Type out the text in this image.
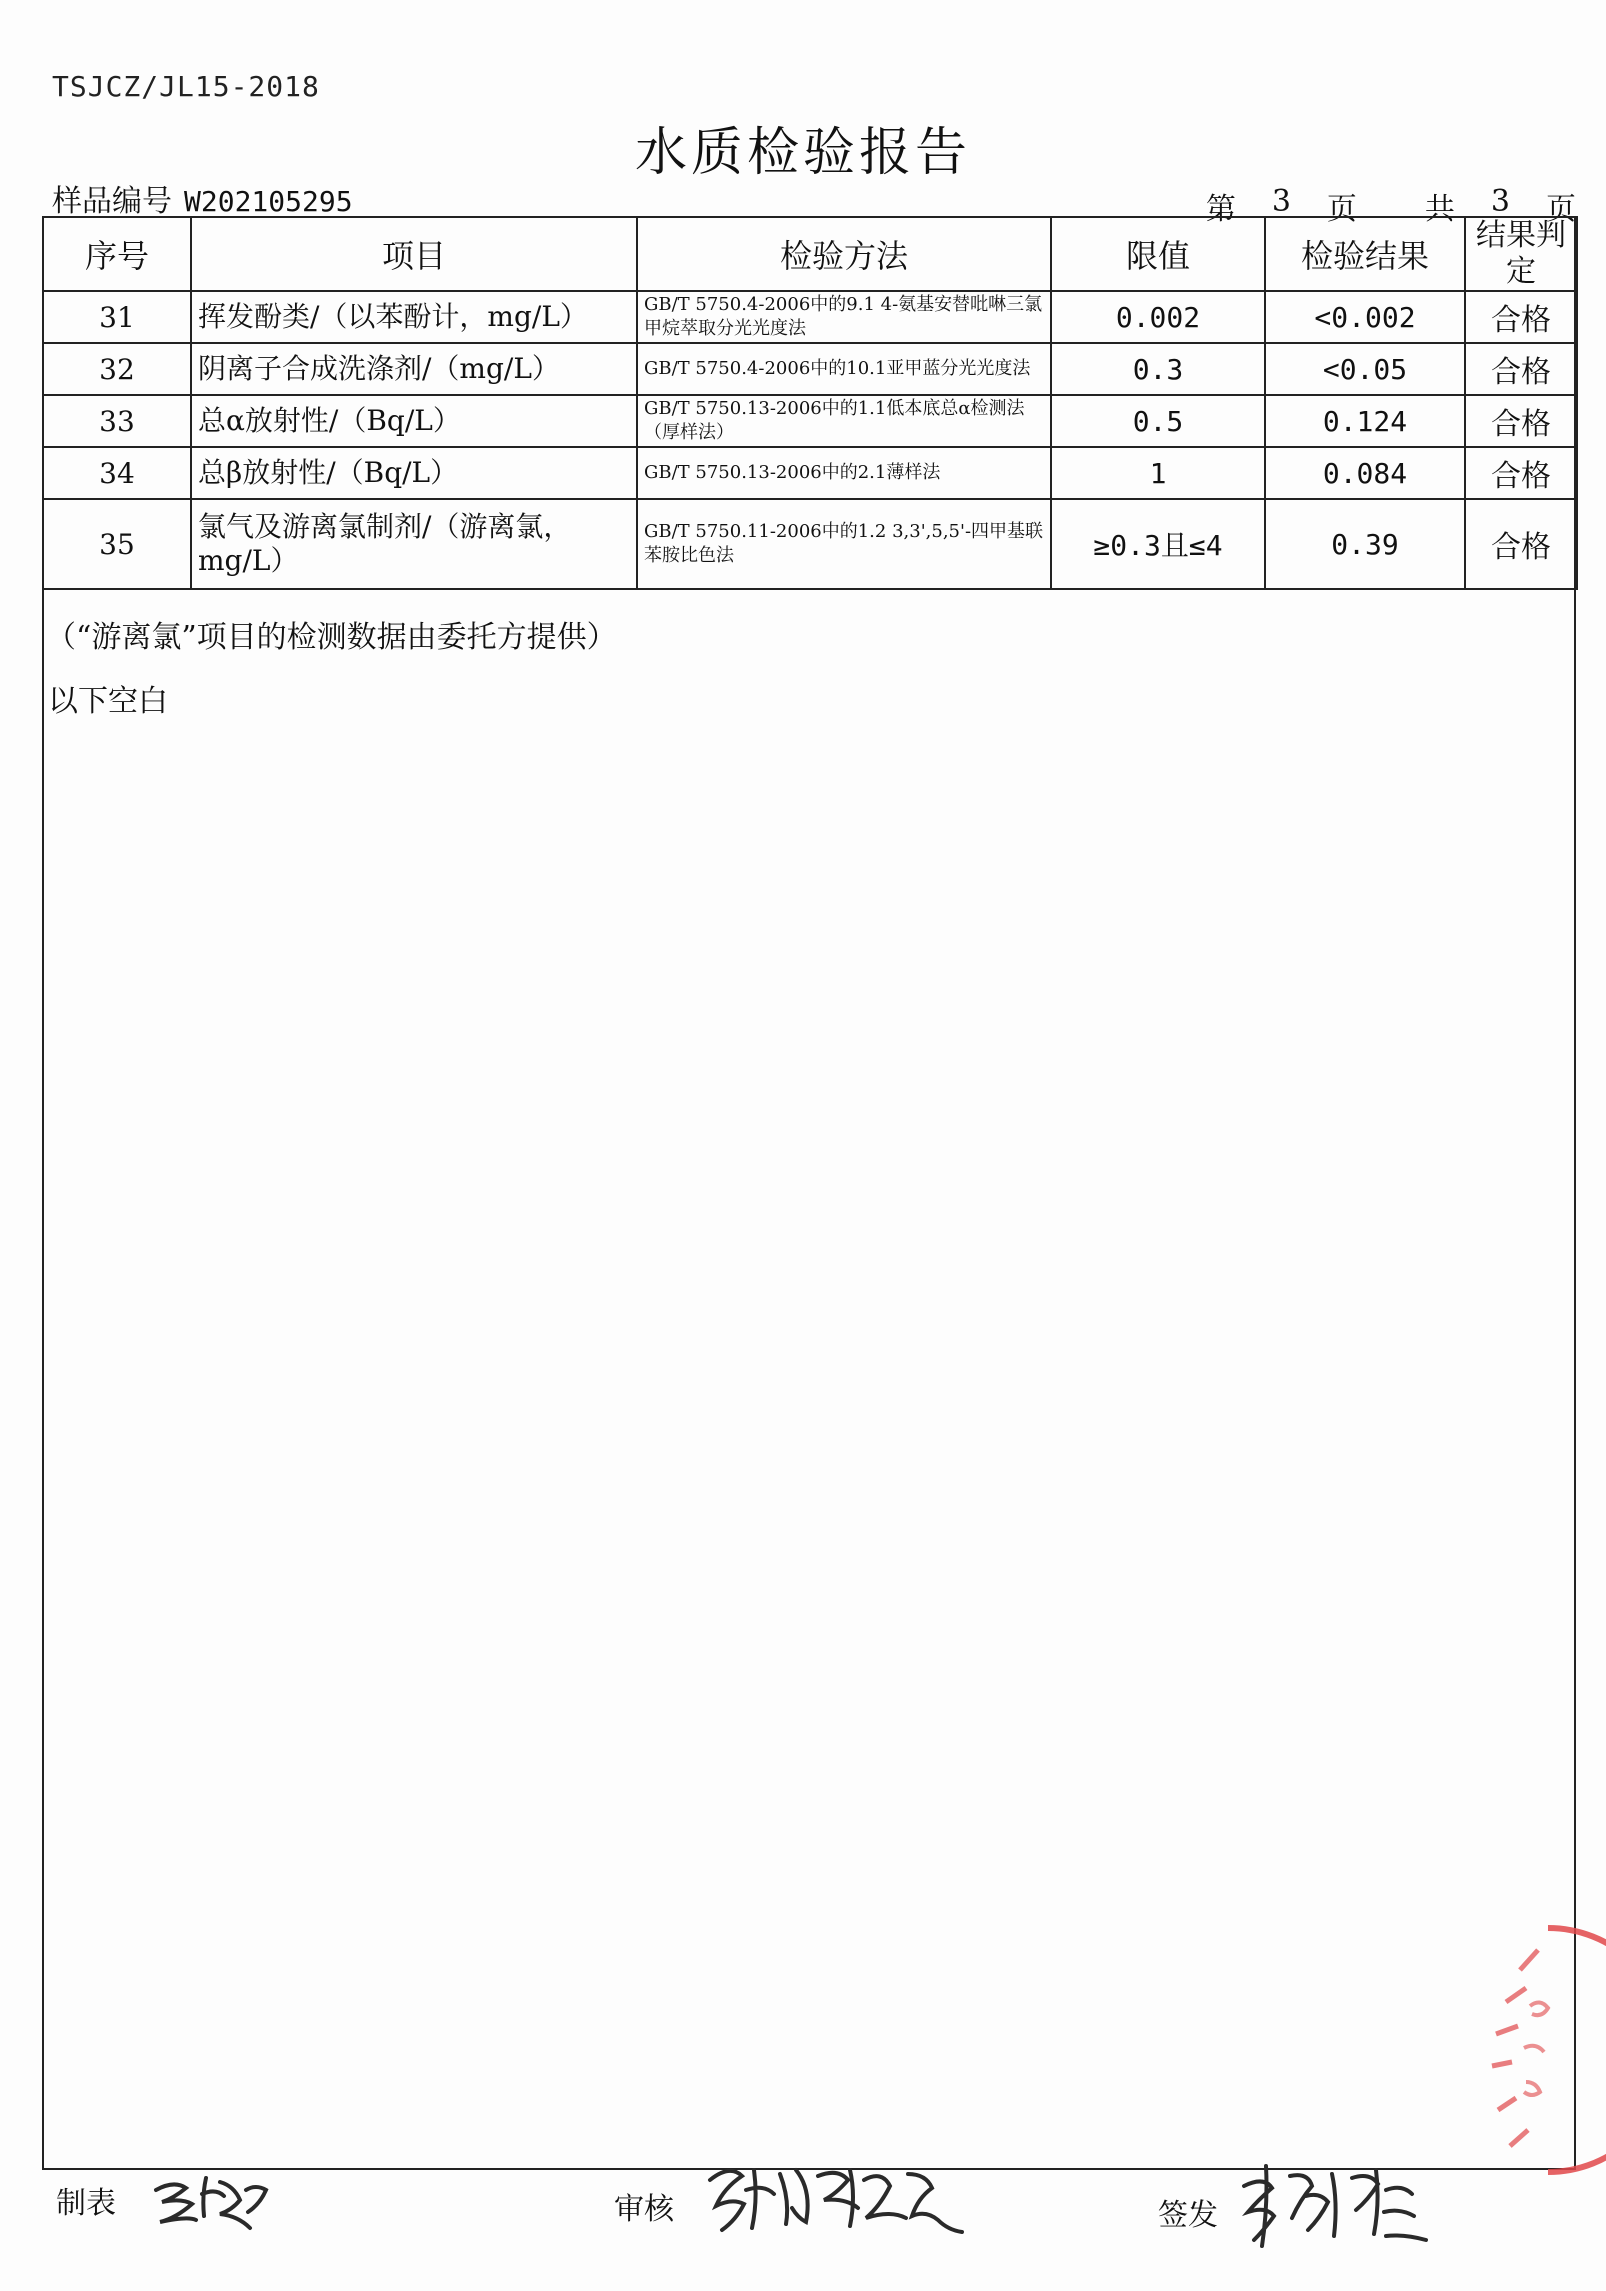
TSJCZ/JL15-2018
水质检验报告
样品编号 W202105295	第 3 页 共 3 页
序号	项目	检验方法	限值	检验结果	结果判定
31	挥发酚类/（以苯酚计，mg/L）	GB/T 5750.4-2006中的9.1 4-氨基安替吡啉三氯甲烷萃取分光光度法	0.002	<0.002	合格
32	阴离子合成洗涤剂/（mg/L）	GB/T 5750.4-2006中的10.1亚甲蓝分光光度法	0.3	<0.05	合格
33	总α放射性/（Bq/L）	GB/T 5750.13-2006中的1.1低本底总α检测法（厚样法）	0.5	0.124	合格
34	总β放射性/（Bq/L）	GB/T 5750.13-2006中的2.1薄样法	1	0.084	合格
35	氯气及游离氯制剂/（游离氯，mg/L）	GB/T 5750.11-2006中的1.2 3,3',5,5'-四甲基联苯胺比色法	≥0.3且≤4	0.39	合格
（“游离氯”项目的检测数据由委托方提供）
以下空白
制表	审核	签发
